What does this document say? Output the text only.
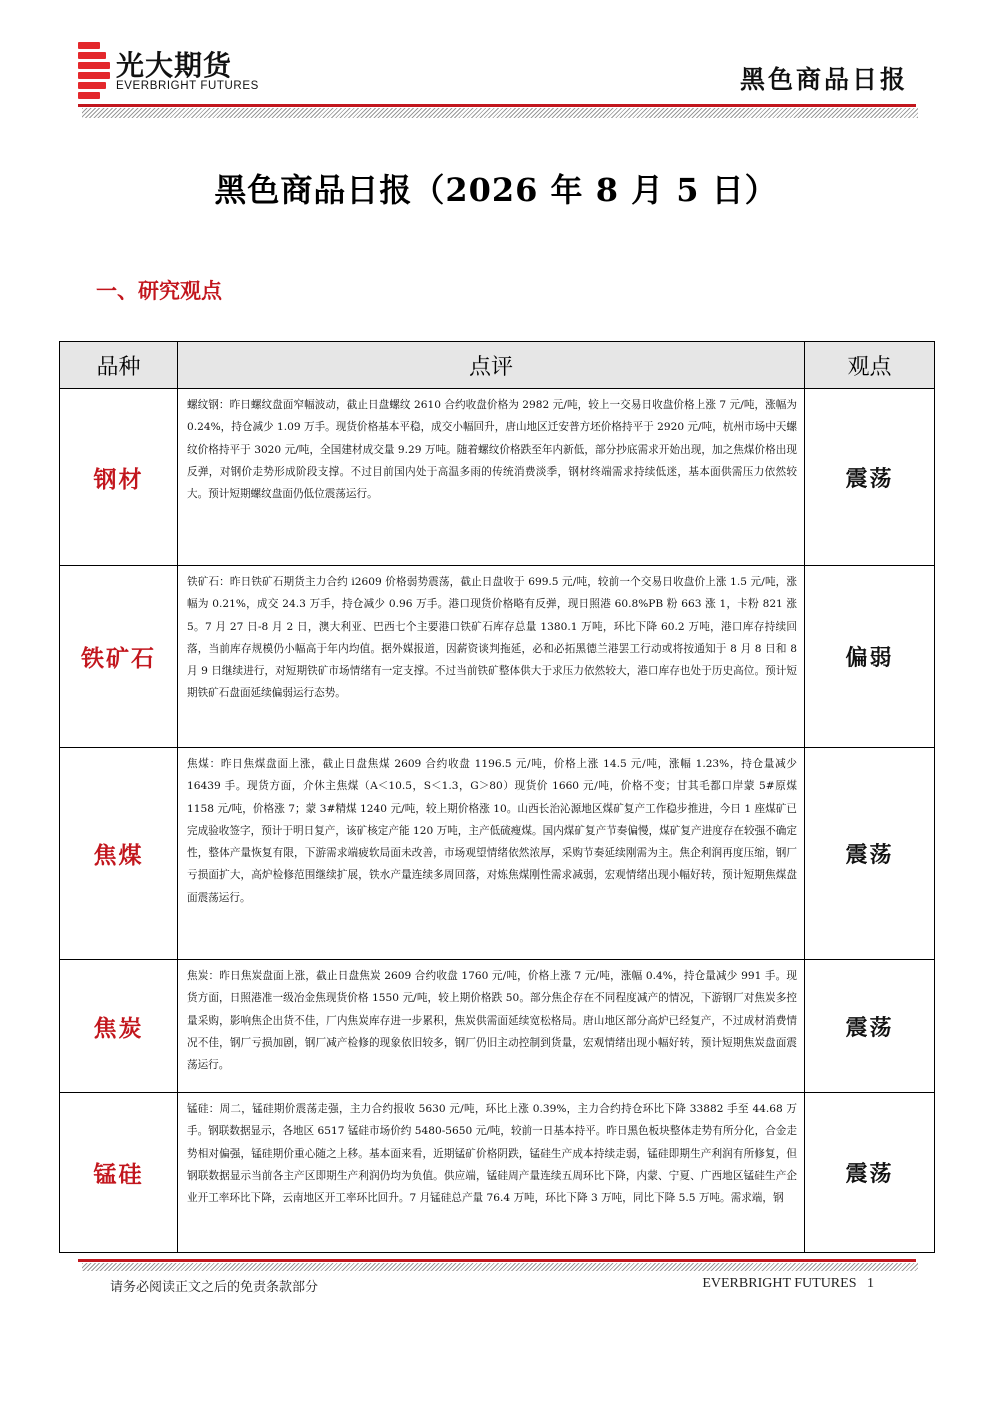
光大期货
EVERBRIGHT FUTURES	黑色商品日报
黑色商品日报（2026 年 8 月 5 日）
一、研究观点
品种	点评	观点
钢材	螺纹钢：昨日螺纹盘面窄幅波动，截止日盘螺纹 2610 合约收盘价格为 2982 元/吨，较上一交易日收盘价格上涨 7 元/吨，涨幅为 0.24%，持仓减少 1.09 万手。现货价格基本平稳，成交小幅回升，唐山地区迁安普方坯价格持平于 2920 元/吨，杭州市场中天螺纹价格持平于 3020 元/吨，全国建材成交量 9.29 万吨。随着螺纹价格跌至年内新低，部分抄底需求开始出现，加之焦煤价格出现反弹，对钢价走势形成阶段支撑。不过目前国内处于高温多雨的传统消费淡季，钢材终端需求持续低迷，基本面供需压力依然较大。预计短期螺纹盘面仍低位震荡运行。	震荡
铁矿石	铁矿石：昨日铁矿石期货主力合约 i2609 价格弱势震荡，截止日盘收于 699.5 元/吨，较前一个交易日收盘价上涨 1.5 元/吨，涨幅为 0.21%，成交 24.3 万手，持仓减少 0.96 万手。港口现货价格略有反弹，现日照港 60.8%PB 粉 663 涨 1，卡粉 821 涨 5。7 月 27 日-8 月 2 日，澳大利亚、巴西七个主要港口铁矿石库存总量 1380.1 万吨，环比下降 60.2 万吨，港口库存持续回落，当前库存规模仍小幅高于年内均值。据外媒报道，因薪资谈判拖延，必和必拓黑德兰港罢工行动或将按通知于 8 月 8 日和 8 月 9 日继续进行，对短期铁矿市场情绪有一定支撑。不过当前铁矿整体供大于求压力依然较大，港口库存也处于历史高位。预计短期铁矿石盘面延续偏弱运行态势。	偏弱
焦煤	焦煤：昨日焦煤盘面上涨，截止日盘焦煤 2609 合约收盘 1196.5 元/吨，价格上涨 14.5 元/吨，涨幅 1.23%，持仓量减少 16439 手。现货方面，介休主焦煤（A＜10.5，S＜1.3，G＞80）现货价 1660 元/吨，价格不变；甘其毛都口岸蒙 5#原煤 1158 元/吨，价格涨 7；蒙 3#精煤 1240 元/吨，较上期价格涨 10。山西长治沁源地区煤矿复产工作稳步推进，今日 1 座煤矿已完成验收签字，预计于明日复产，该矿核定产能 120 万吨，主产低硫瘦煤。国内煤矿复产节奏偏慢，煤矿复产进度存在较强不确定性，整体产量恢复有限，下游需求端疲软局面未改善，市场观望情绪依然浓厚，采购节奏延续刚需为主。焦企利润再度压缩，钢厂亏损面扩大，高炉检修范围继续扩展，铁水产量连续多周回落，对炼焦煤刚性需求减弱，宏观情绪出现小幅好转，预计短期焦煤盘面震荡运行。	震荡
焦炭	焦炭：昨日焦炭盘面上涨，截止日盘焦炭 2609 合约收盘 1760 元/吨，价格上涨 7 元/吨，涨幅 0.4%，持仓量减少 991 手。现货方面，日照港准一级冶金焦现货价格 1550 元/吨，较上期价格跌 50。部分焦企存在不同程度减产的情况，下游钢厂对焦炭多控量采购，影响焦企出货不佳，厂内焦炭库存进一步累积，焦炭供需面延续宽松格局。唐山地区部分高炉已经复产，不过成材消费情况不佳，钢厂亏损加剧，钢厂减产检修的现象依旧较多，钢厂仍旧主动控制到货量，宏观情绪出现小幅好转，预计短期焦炭盘面震荡运行。	震荡
锰硅	锰硅：周二，锰硅期价震荡走强，主力合约报收 5630 元/吨，环比上涨 0.39%，主力合约持仓环比下降 33882 手至 44.68 万手。钢联数据显示，各地区 6517 锰硅市场价约 5480-5650 元/吨，较前一日基本持平。昨日黑色板块整体走势有所分化，合金走势相对偏强，锰硅期价重心随之上移。基本面来看，近期锰矿价格阴跌，锰硅生产成本持续走弱，锰硅即期生产利润有所修复，但钢联数据显示当前各主产区即期生产利润仍均为负值。供应端，锰硅周产量连续五周环比下降，内蒙、宁夏、广西地区锰硅生产企业开工率环比下降，云南地区开工率环比回升。7 月锰硅总产量 76.4 万吨，环比下降 3 万吨，同比下降 5.5 万吨。需求端，钢	震荡
请务必阅读正文之后的免责条款部分	EVERBRIGHT FUTURES 1
